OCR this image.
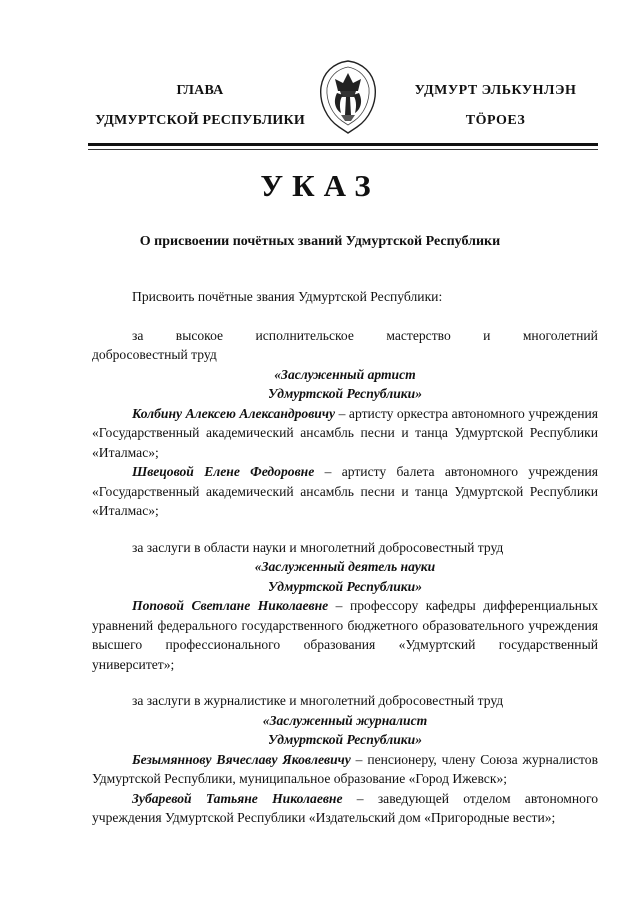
ГЛАВА
УДМУРТСКОЙ РЕСПУБЛИКИ
УДМУРТ ЭЛЬКУНЛЭН
ТӦРОЕЗ
УКАЗ
О присвоении почётных званий Удмуртской Республики

Присвоить почётные звания Удмуртской Республики:

за высокое исполнительское мастерство и многолетний

добросовестный труд

«Заслуженный артист

Удмуртской Республики»

Колбину Алексею Александровичу – артисту оркестра автономного учреждения «Государственный академический ансамбль песни и танца Удмуртской Республики «Италмас»;

Швецовой Елене Федоровне – артисту балета автономного учреждения «Государственный академический ансамбль песни и танца Удмуртской Республики «Италмас»;

за заслуги в области науки и многолетний добросовестный труд

«Заслуженный деятель науки

Удмуртской Республики»

Поповой Светлане Николаевне – профессору кафедры дифференциальных уравнений федерального государственного бюджетного образовательного учреждения высшего профессионального образования «Удмуртский государственный университет»;

за заслуги в журналистике и многолетний добросовестный труд

«Заслуженный журналист

Удмуртской Республики»

Безымяннову Вячеславу Яковлевичу – пенсионеру, члену Союза журналистов Удмуртской Республики, муниципальное образование «Город Ижевск»;

Зубаревой Татьяне Николаевне – заведующей отделом автономного учреждения Удмуртской Республики «Издательский дом «Пригородные вести»;
